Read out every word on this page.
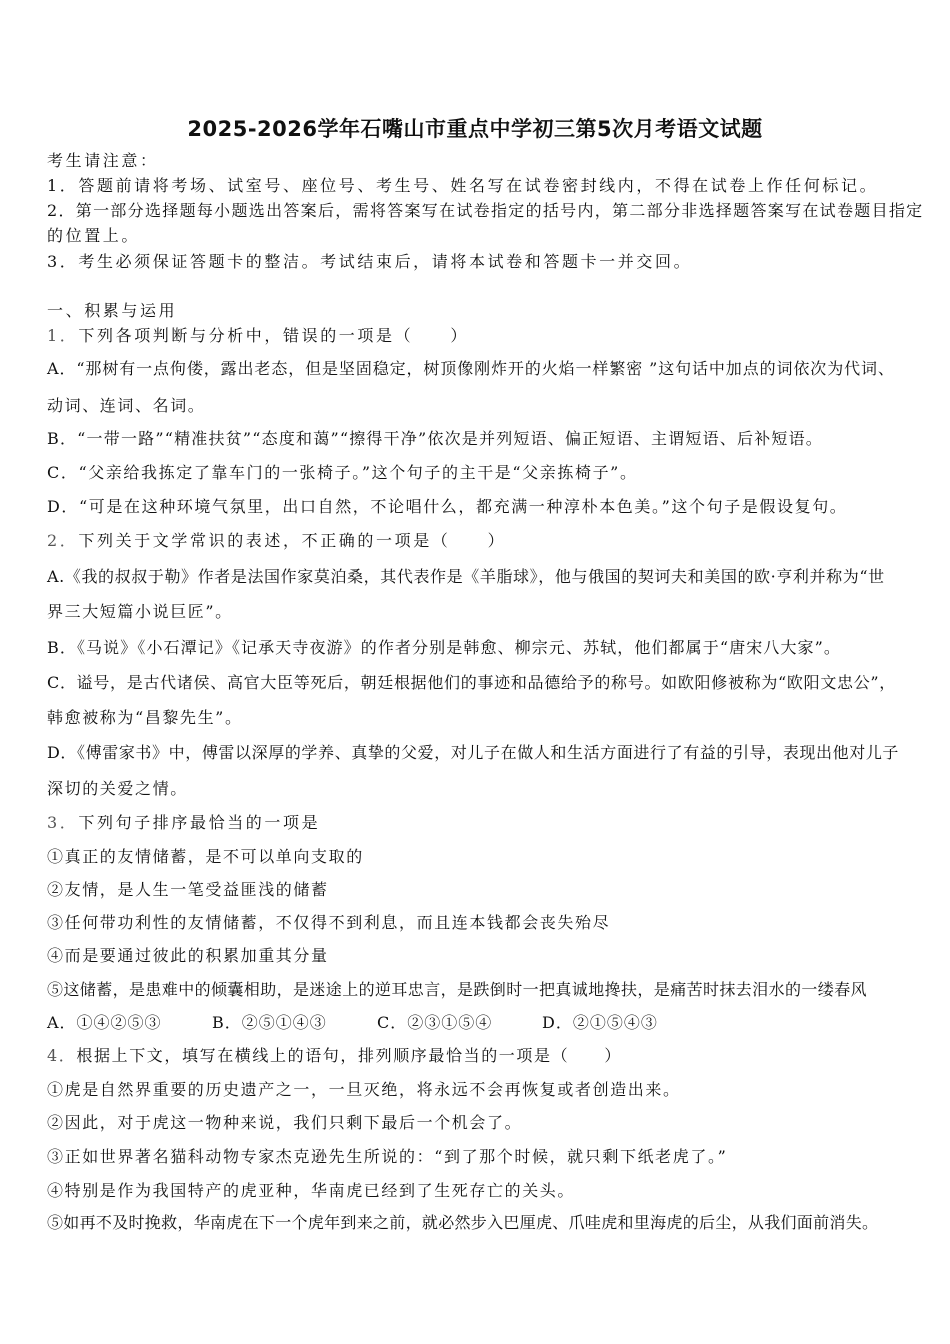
2025-2026学年石嘴山市重点中学初三第5次月考语文试题
考生请注意：
1．答题前请将考场、试室号、座位号、考生号、姓名写在试卷密封线内，不得在试卷上作任何标记。
2．第一部分选择题每小题选出答案后，需将答案写在试卷指定的括号内，第二部分非选择题答案写在试卷题目指定
的位置上。
3．考生必须保证答题卡的整洁。考试结束后，请将本试卷和答题卡一并交回。
一、积累与运用
1．下列各项判断与分析中，错误的一项是（　　）
A．“那树有一点佝偻，露出老态，但是坚固稳定，树顶像刚炸开的火焰一样繁密 ”这句话中加点的词依次为代词、
动词、连词、名词。
B．“一带一路”“精准扶贫”“态度和蔼”“擦得干净”依次是并列短语、偏正短语、主谓短语、后补短语。
C．“父亲给我拣定了靠车门的一张椅子。”这个句子的主干是“父亲拣椅子”。
D．“可是在这种环境气氛里，出口自然，不论唱什么，都充满一种淳朴本色美。”这个句子是假设复句。
2．下列关于文学常识的表述，不正确的一项是（　　）
A.《我的叔叔于勒》作者是法国作家莫泊桑，其代表作是《羊脂球》，他与俄国的契诃夫和美国的欧·亨利并称为“世
界三大短篇小说巨匠”。
B．《马说》《小石潭记》《记承天寺夜游》的作者分别是韩愈、柳宗元、苏轼，他们都属于“唐宋八大家”。
C．谥号，是古代诸侯、高官大臣等死后，朝廷根据他们的事迹和品德给予的称号。如欧阳修被称为“欧阳文忠公”，
韩愈被称为“昌黎先生”。
D．《傅雷家书》中，傅雷以深厚的学养、真挚的父爱，对儿子在做人和生活方面进行了有益的引导，表现出他对儿子
深切的关爱之情。
3．下列句子排序最恰当的一项是
①真正的友情储蓄，是不可以单向支取的
②友情，是人生一笔受益匪浅的储蓄
③任何带功利性的友情储蓄，不仅得不到利息，而且连本钱都会丧失殆尽
④而是要通过彼此的积累加重其分量
⑤这储蓄，是患难中的倾囊相助，是迷途上的逆耳忠言，是跌倒时一把真诚地搀扶，是痛苦时抹去泪水的一缕春风
A．①④②⑤③	B．②⑤①④③	C．②③①⑤④	D．②①⑤④③
4．根据上下文，填写在横线上的语句，排列顺序最恰当的一项是（　　）
①虎是自然界重要的历史遗产之一，一旦灭绝，将永远不会再恢复或者创造出来。
②因此，对于虎这一物种来说，我们只剩下最后一个机会了。
③正如世界著名猫科动物专家杰克逊先生所说的：“到了那个时候，就只剩下纸老虎了。”
④特别是作为我国特产的虎亚种，华南虎已经到了生死存亡的关头。
⑤如再不及时挽救，华南虎在下一个虎年到来之前，就必然步入巴厘虎、爪哇虎和里海虎的后尘，从我们面前消失。
